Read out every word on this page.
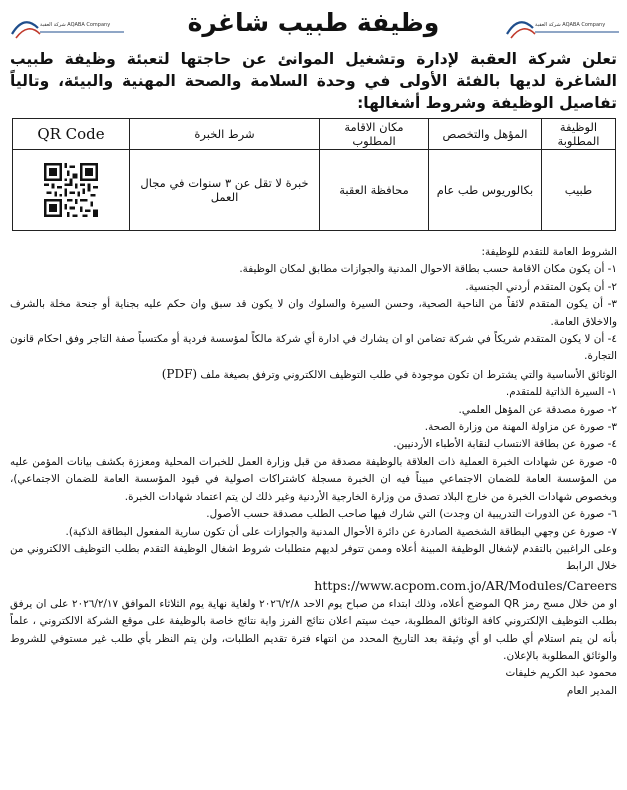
شركة العقبة AQABA Company
وظيفة طبيب شاغرة
شركة العقبة AQABA Company
تعلن شركة العقبة لإدارة وتشغيل الموانئ عن حاجتها لتعبئة وظيفة طبيب الشاغرة لديها بالفئة الأولى في وحدة السلامة والصحة المهنية والبيئة، وتالياً تفاصيل الوظيفة وشروط أشغالها:
الوظيفة المطلوبة	المؤهل والتخصص	مكان الاقامة المطلوب	شرط الخبرة	QR Code
طبيب	بكالوريوس طب عام	محافظة العقبة	خبرة لا تقل عن ٣ سنوات في مجال العمل	

الشروط العامة للتقدم للوظيفة:

١- أن يكون مكان الاقامة حسب بطاقة الاحوال المدنية والجوازات مطابق لمكان الوظيفة.

٢- أن يكون المتقدم أردني الجنسية.

٣- أن يكون المتقدم لائقاً من الناحية الصحية، وحسن السيرة والسلوك وان لا يكون قد سبق وان حكم عليه بجناية أو جنحة مخلة بالشرف والاخلاق العامة.

٤- أن لا يكون المتقدم شريكاً في شركة تضامن او ان يشارك في ادارة أي شركة مالكاً لمؤسسة فردية أو مكتسباً صفة التاجر وفق احكام قانون التجارة.

الوثائق الأساسية والتي يشترط ان تكون موجودة في طلب التوظيف الالكتروني وترفق بصيغة ملف (PDF)

١- السيرة الذاتية للمتقدم.

٢- صورة مصدقة عن المؤهل العلمي.

٣- صورة عن مزاولة المهنة من وزارة الصحة.

٤- صورة عن بطاقة الانتساب لنقابة الأطباء الأردنيين.

٥- صورة عن شهادات الخبرة العملية ذات العلاقة بالوظيفة مصدقة من قبل وزارة العمل للخبرات المحلية ومعززة بكشف بيانات المؤمن عليه من المؤسسة العامة للضمان الاجتماعي مبيناً فيه ان الخبرة مسجلة كاشتراكات اصولية في قيود المؤسسة العامة للضمان الاجتماعي)، وبخصوص شهادات الخبرة من خارج البلاد تصدق من وزارة الخارجية الأردنية وغير ذلك لن يتم اعتماد شهادات الخبرة.

٦- صورة عن الدورات التدريبية ان وجدت) التي شارك فيها صاحب الطلب مصدقة حسب الأصول.

٧- صورة عن وجهي البطاقة الشخصية الصادرة عن دائرة الأحوال المدنية والجوازات على أن تكون سارية المفعول البطاقة الذكية).

وعلى الراغبين بالتقدم لإشغال الوظيفة المبينة أعلاه وممن تتوفر لديهم متطلبات شروط اشغال الوظيفة التقدم بطلب التوظيف الالكتروني من خلال الرابط

https://www.acpom.com.jo/AR/Modules/Careers

او من خلال مسح رمز QR الموضح أعلاه، وذلك ابتداء من صباح يوم الاحد ٢٠٢٦/٢/٨ ولغاية نهاية يوم الثلاثاء الموافق ٢٠٢٦/٢/١٧ على ان يرفق بطلب التوظيف الإلكتروني كافة الوثائق المطلوبة، حيث سيتم اعلان نتائج الفرز واية نتائج خاصة بالوظيفة على موقع الشركة الالكتروني ، علماً بأنه لن يتم استلام أي طلب او أي وثيقة بعد التاريخ المحدد من انتهاء فترة تقديم الطلبات، ولن يتم النظر بأي طلب غير مستوفي للشروط والوثائق المطلوبة بالإعلان.

محمود عبد الكريم خليفات

المدير العام
